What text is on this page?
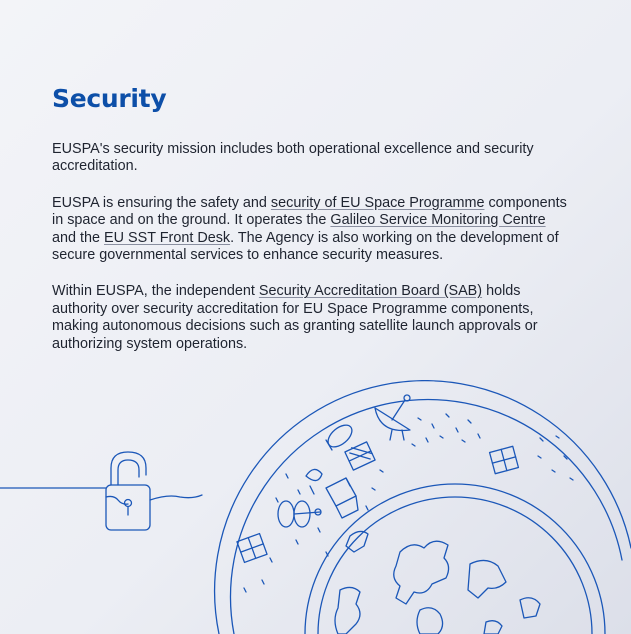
Security

EUSPA's security mission includes both operational excellence and security accreditation.

EUSPA is ensuring the safety and security of EU Space Programme components in space and on the ground. It operates the Galileo Service Monitoring Centre and the EU SST Front Desk. The Agency is also working on the development of secure governmental services to enhance security measures.

Within EUSPA, the independent Security Accreditation Board (SAB) holds authority over security accreditation for EU Space Programme components, making autonomous decisions such as granting satellite launch approvals or authorizing system operations.
